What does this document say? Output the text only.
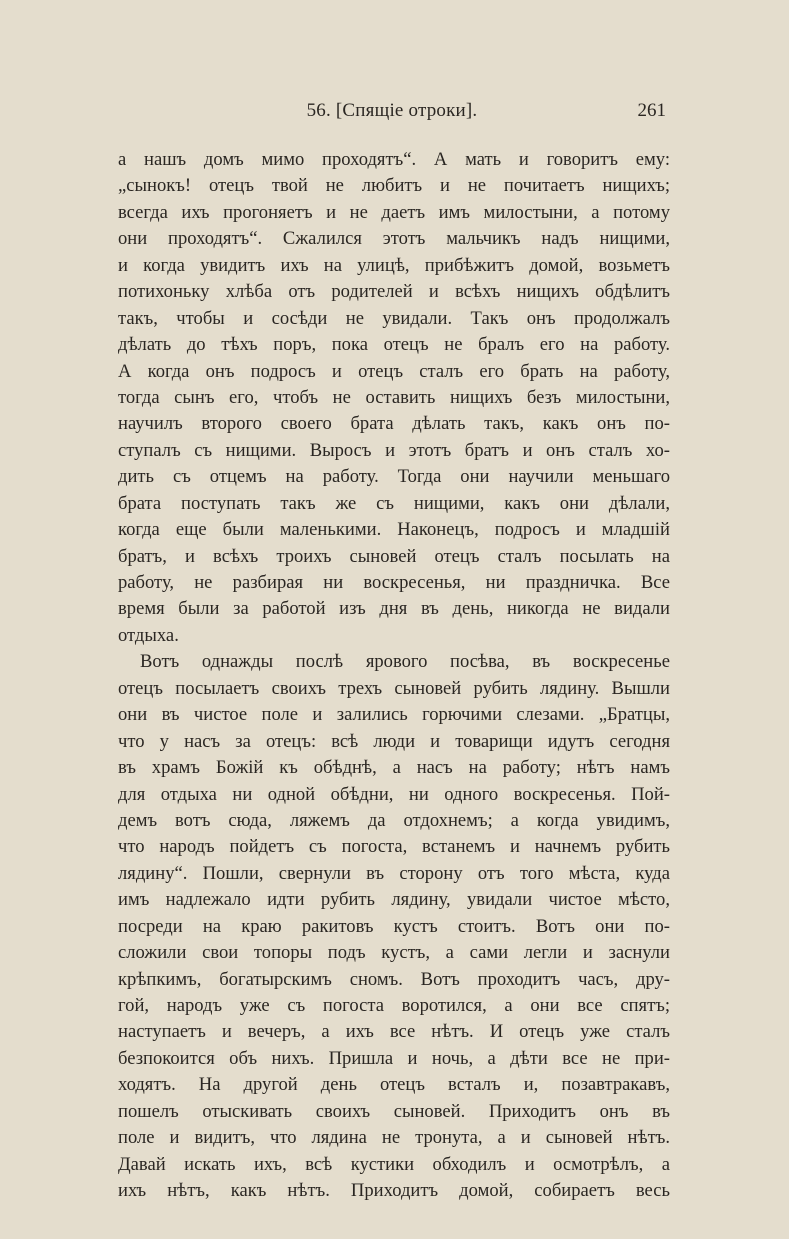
56. [Спящіе отроки].	261
а нашъ домъ мимо проходятъ“. А мать и говоритъ ему:
„сынокъ! отецъ твой не любитъ и не почитаетъ нищихъ;
всегда ихъ прогоняетъ и не даетъ имъ милостыни, а потому
они проходятъ“. Сжалился этотъ мальчикъ надъ нищими,
и когда увидитъ ихъ на улицѣ, прибѣжитъ домой, возьметъ
потихоньку хлѣба отъ родителей и всѣхъ нищихъ обдѣлитъ
такъ, чтобы и сосѣди не увидали. Такъ онъ продолжалъ
дѣлать до тѣхъ поръ, пока отецъ не бралъ его на работу.
А когда онъ подросъ и отецъ сталъ его брать на работу,
тогда сынъ его, чтобъ не оставить нищихъ безъ милостыни,
научилъ второго своего брата дѣлать такъ, какъ онъ по-
ступалъ съ нищими. Выросъ и этотъ братъ и онъ сталъ хо-
дить съ отцемъ на работу. Тогда они научили меньшаго
брата поступать такъ же съ нищими, какъ они дѣлали,
когда еще были маленькими. Наконецъ, подросъ и младшій
братъ, и всѣхъ троихъ сыновей отецъ сталъ посылать на
работу, не разбирая ни воскресенья, ни праздничка. Все
время были за работой изъ дня въ день, никогда не видали
отдыха.
Вотъ однажды послѣ ярового посѣва, въ воскресенье
отецъ посылаетъ своихъ трехъ сыновей рубить лядину. Вышли
они въ чистое поле и залились горючими слезами. „Братцы,
что у насъ за отецъ: всѣ люди и товарищи идутъ сегодня
въ храмъ Божій къ обѣднѣ, а насъ на работу; нѣтъ намъ
для отдыха ни одной обѣдни, ни одного воскресенья. Пой-
демъ вотъ сюда, ляжемъ да отдохнемъ; а когда увидимъ,
что народъ пойдетъ съ погоста, встанемъ и начнемъ рубить
лядину“. Пошли, свернули въ сторону отъ того мѣста, куда
имъ надлежало идти рубить лядину, увидали чистое мѣсто,
посреди на краю ракитовъ кустъ стоитъ. Вотъ они по-
сложили свои топоры подъ кустъ, а сами легли и заснули
крѣпкимъ, богатырскимъ сномъ. Вотъ проходитъ часъ, дру-
гой, народъ уже съ погоста воротился, а они все спятъ;
наступаетъ и вечеръ, а ихъ все нѣтъ. И отецъ уже сталъ
безпокоится объ нихъ. Пришла и ночь, а дѣти все не при-
ходятъ. На другой день отецъ всталъ и, позавтракавъ,
пошелъ отыскивать своихъ сыновей. Приходитъ онъ въ
поле и видитъ, что лядина не тронута, а и сыновей нѣтъ.
Давай искать ихъ, всѣ кустики обходилъ и осмотрѣлъ, а
ихъ нѣтъ, какъ нѣтъ. Приходитъ домой, собираетъ весь
